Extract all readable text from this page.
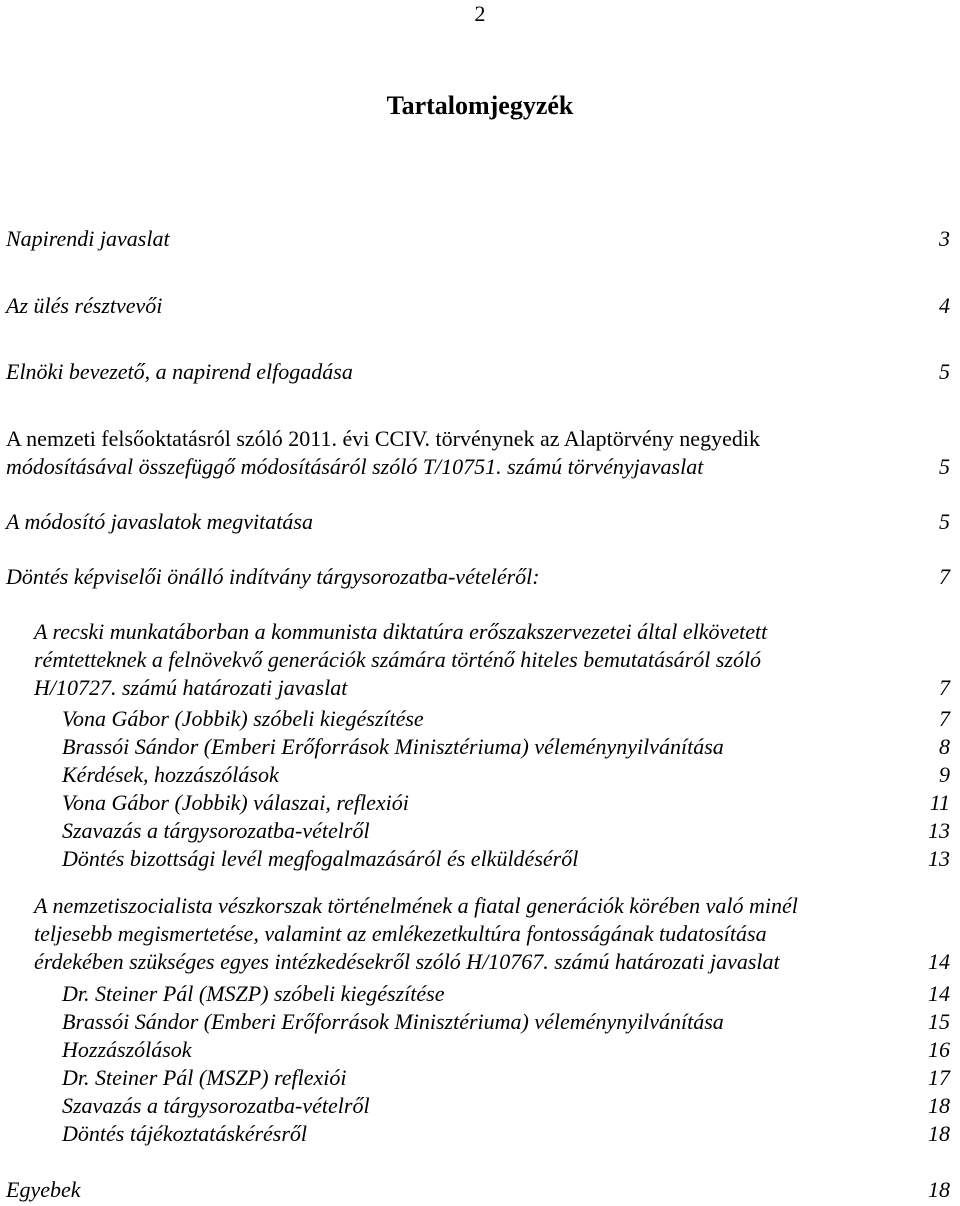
2
Tartalomjegyzék
Napirendi javaslat	3
Az ülés résztvevői	4
Elnöki bevezető, a napirend elfogadása	5
A nemzeti felsőoktatásról szóló 2011. évi CCIV. törvénynek az Alaptörvény negyedik
módosításával összefüggő módosításáról szóló T/10751. számú törvényjavaslat	5
A módosító javaslatok megvitatása	5
Döntés képviselői önálló indítvány tárgysorozatba-vételéről:	7
A recski munkatáborban a kommunista diktatúra erőszakszervezetei által elkövetett
rémtetteknek a felnövekvő generációk számára történő hiteles bemutatásáról szóló
H/10727. számú határozati javaslat	7
Vona Gábor (Jobbik) szóbeli kiegészítése	7
Brassói Sándor (Emberi Erőforrások Minisztériuma) véleménynyilvánítása	8
Kérdések, hozzászólások	9
Vona Gábor (Jobbik) válaszai, reflexiói	11
Szavazás a tárgysorozatba-vételről	13
Döntés bizottsági levél megfogalmazásáról és elküldéséről	13
A nemzetiszocialista vészkorszak történelmének a fiatal generációk körében való minél
teljesebb megismertetése, valamint az emlékezetkultúra fontosságának tudatosítása
érdekében szükséges egyes intézkedésekről szóló H/10767. számú határozati javaslat	14
Dr. Steiner Pál (MSZP) szóbeli kiegészítése	14
Brassói Sándor (Emberi Erőforrások Minisztériuma) véleménynyilvánítása	15
Hozzászólások	16
Dr. Steiner Pál (MSZP) reflexiói	17
Szavazás a tárgysorozatba-vételről	18
Döntés tájékoztatáskérésről	18
Egyebek	18
